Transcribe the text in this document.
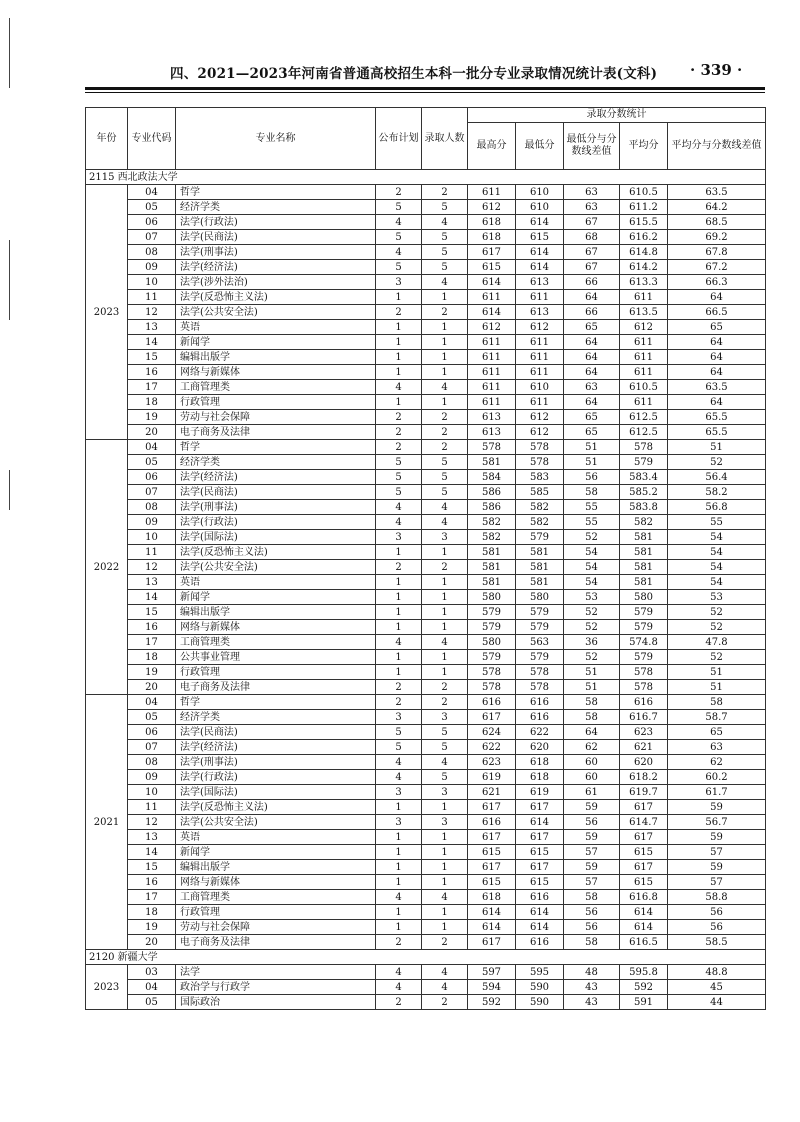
四、2021—2023年河南省普通高校招生本科一批分专业录取情况统计表(文科) · 339 ·
年份	专业代码	专业名称	公布计划	录取人数	录取分数统计				
					最高分	最低分	最低分与分数线差值	平均分	平均分与分数线差值
2115 西北政法大学									
2023	04	哲学	2	2	611	610	63	610.5	63.5
	05	经济学类	5	5	612	610	63	611.2	64.2
	06	法学(行政法)	4	4	618	614	67	615.5	68.5
	07	法学(民商法)	5	5	618	615	68	616.2	69.2
	08	法学(刑事法)	4	5	617	614	67	614.8	67.8
	09	法学(经济法)	5	5	615	614	67	614.2	67.2
	10	法学(涉外法治)	3	4	614	613	66	613.3	66.3
	11	法学(反恐怖主义法)	1	1	611	611	64	611	64
	12	法学(公共安全法)	2	2	614	613	66	613.5	66.5
	13	英语	1	1	612	612	65	612	65
	14	新闻学	1	1	611	611	64	611	64
	15	编辑出版学	1	1	611	611	64	611	64
	16	网络与新媒体	1	1	611	611	64	611	64
	17	工商管理类	4	4	611	610	63	610.5	63.5
	18	行政管理	1	1	611	611	64	611	64
	19	劳动与社会保障	2	2	613	612	65	612.5	65.5
	20	电子商务及法律	2	2	613	612	65	612.5	65.5
2022	04	哲学	2	2	578	578	51	578	51
	05	经济学类	5	5	581	578	51	579	52
	06	法学(经济法)	5	5	584	583	56	583.4	56.4
	07	法学(民商法)	5	5	586	585	58	585.2	58.2
	08	法学(刑事法)	4	4	586	582	55	583.8	56.8
	09	法学(行政法)	4	4	582	582	55	582	55
	10	法学(国际法)	3	3	582	579	52	581	54
	11	法学(反恐怖主义法)	1	1	581	581	54	581	54
	12	法学(公共安全法)	2	2	581	581	54	581	54
	13	英语	1	1	581	581	54	581	54
	14	新闻学	1	1	580	580	53	580	53
	15	编辑出版学	1	1	579	579	52	579	52
	16	网络与新媒体	1	1	579	579	52	579	52
	17	工商管理类	4	4	580	563	36	574.8	47.8
	18	公共事业管理	1	1	579	579	52	579	52
	19	行政管理	1	1	578	578	51	578	51
	20	电子商务及法律	2	2	578	578	51	578	51
2021	04	哲学	2	2	616	616	58	616	58
	05	经济学类	3	3	617	616	58	616.7	58.7
	06	法学(民商法)	5	5	624	622	64	623	65
	07	法学(经济法)	5	5	622	620	62	621	63
	08	法学(刑事法)	4	4	623	618	60	620	62
	09	法学(行政法)	4	5	619	618	60	618.2	60.2
	10	法学(国际法)	3	3	621	619	61	619.7	61.7
	11	法学(反恐怖主义法)	1	1	617	617	59	617	59
	12	法学(公共安全法)	3	3	616	614	56	614.7	56.7
	13	英语	1	1	617	617	59	617	59
	14	新闻学	1	1	615	615	57	615	57
	15	编辑出版学	1	1	617	617	59	617	59
	16	网络与新媒体	1	1	615	615	57	615	57
	17	工商管理类	4	4	618	616	58	616.8	58.8
	18	行政管理	1	1	614	614	56	614	56
	19	劳动与社会保障	1	1	614	614	56	614	56
	20	电子商务及法律	2	2	617	616	58	616.5	58.5
2120 新疆大学									
2023	03	法学	4	4	597	595	48	595.8	48.8
	04	政治学与行政学	4	4	594	590	43	592	45
	05	国际政治	2	2	592	590	43	591	44
